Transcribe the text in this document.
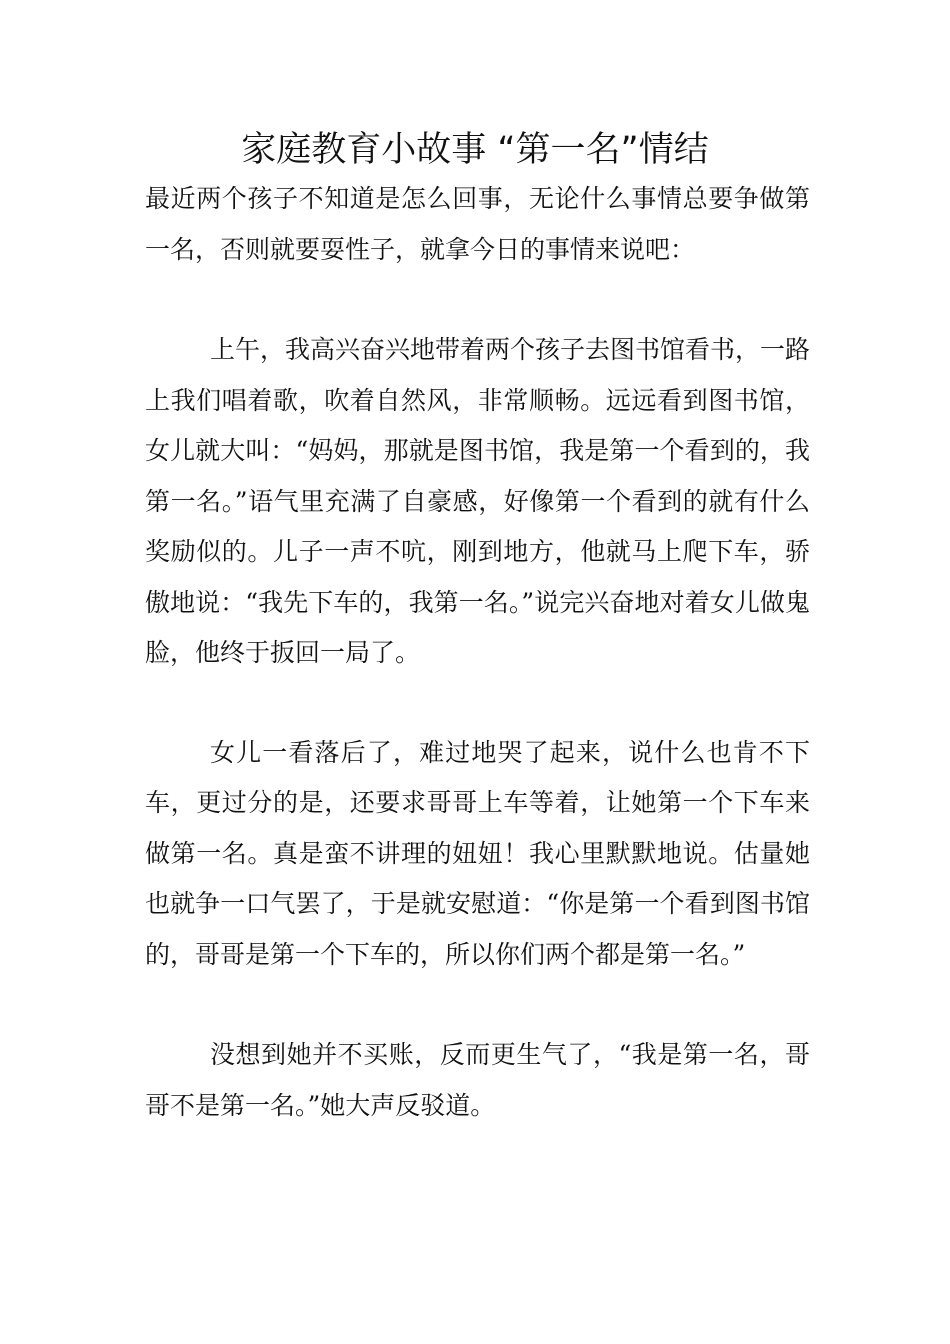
家庭教育小故事 “第一名”情结

最近两个孩子不知道是怎么回事，无论什么事情总要争做第一名，否则就要耍性子，就拿今日的事情来说吧：

上午，我高兴奋兴地带着两个孩子去图书馆看书，一路上我们唱着歌，吹着自然风，非常顺畅。远远看到图书馆，女儿就大叫：“妈妈，那就是图书馆，我是第一个看到的，我第一名。”语气里充满了自豪感，好像第一个看到的就有什么奖励似的。儿子一声不吭，刚到地方，他就马上爬下车，骄傲地说：“我先下车的，我第一名。”说完兴奋地对着女儿做鬼脸，他终于扳回一局了。

女儿一看落后了，难过地哭了起来，说什么也肯不下车，更过分的是，还要求哥哥上车等着，让她第一个下车来做第一名。真是蛮不讲理的妞妞！我心里默默地说。估量她也就争一口气罢了，于是就安慰道：“你是第一个看到图书馆的，哥哥是第一个下车的，所以你们两个都是第一名。”

没想到她并不买账，反而更生气了，“我是第一名，哥哥不是第一名。”她大声反驳道。
